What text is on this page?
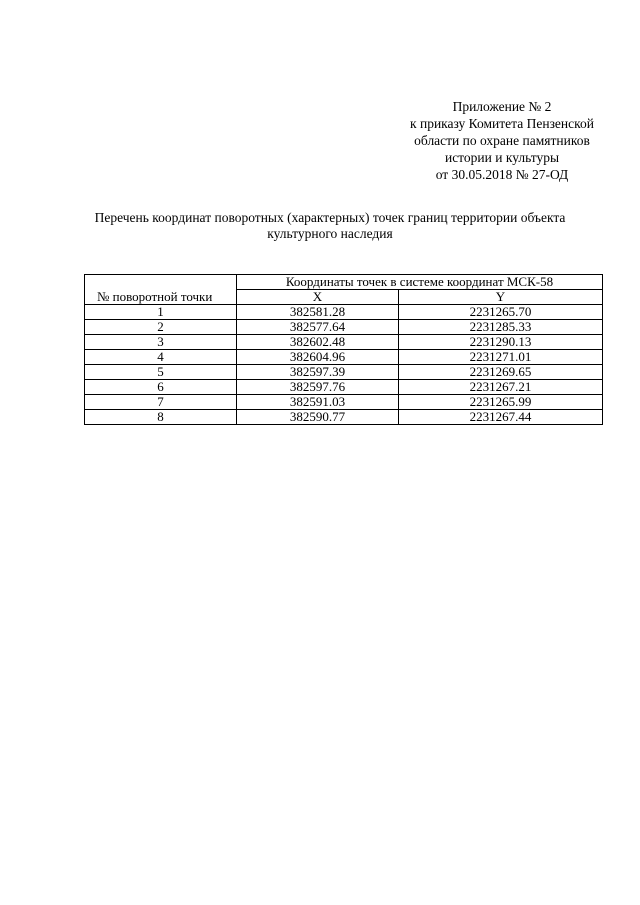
Приложение № 2
к приказу Комитета Пензенской
области по охране памятников
истории и культуры
от 30.05.2018 № 27-ОД
Перечень координат поворотных (характерных) точек границ территории объекта
культурного наследия
№ поворотной точки	Координаты точек в системе координат МСК-58	
	X	Y
1	382581.28	2231265.70
2	382577.64	2231285.33
3	382602.48	2231290.13
4	382604.96	2231271.01
5	382597.39	2231269.65
6	382597.76	2231267.21
7	382591.03	2231265.99
8	382590.77	2231267.44
